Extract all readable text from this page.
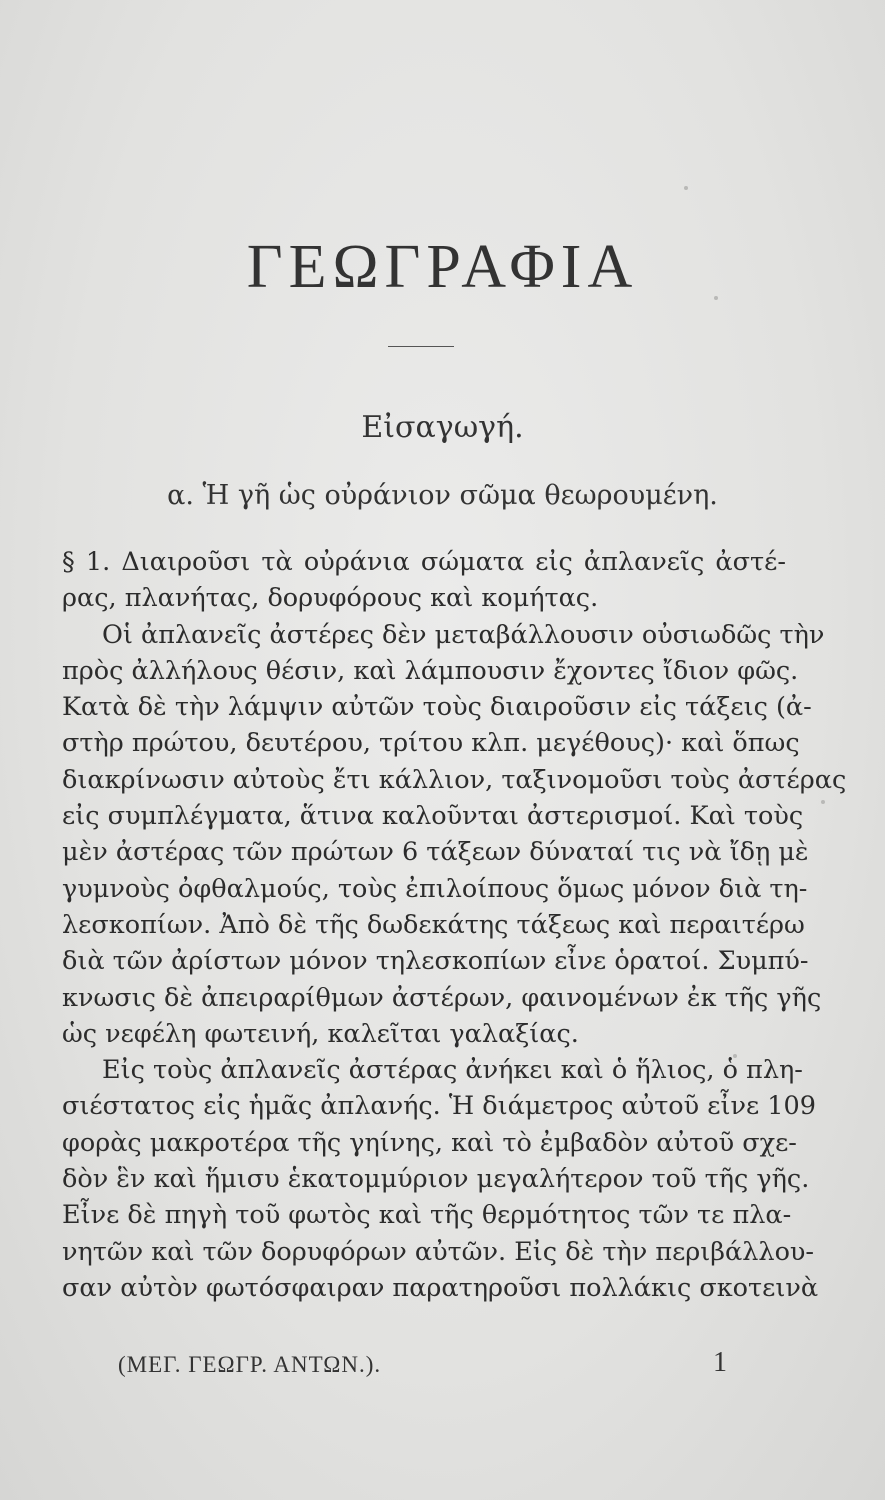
ΓΕΩΓΡΑΦΙΑ
Εἰσαγωγή.
α. Ἡ γῆ ὡς οὐράνιον σῶμα θεωρουμένη.
§ 1. Διαιροῦσι τὰ οὐράνια σώματα εἰς ἀπλανεῖς ἀστέ-
ρας, πλανήτας, δορυφόρους καὶ κομήτας.
Οἱ ἀπλανεῖς ἀστέρες δὲν μεταβάλλουσιν οὐσιωδῶς τὴν
πρὸς ἀλλήλους θέσιν, καὶ λάμπουσιν ἔχοντες ἴδιον φῶς.
Κατὰ δὲ τὴν λάμψιν αὐτῶν τοὺς διαιροῦσιν εἰς τάξεις (ἀ-
στὴρ πρώτου, δευτέρου, τρίτου κλπ. μεγέθους)· καὶ ὅπως
διακρίνωσιν αὐτοὺς ἔτι κάλλιον, ταξινομοῦσι τοὺς ἀστέρας
εἰς συμπλέγματα, ἅτινα καλοῦνται ἀστερισμοί. Καὶ τοὺς
μὲν ἀστέρας τῶν πρώτων 6 τάξεων δύναταί τις νὰ ἴδῃ μὲ
γυμνοὺς ὀφθαλμούς, τοὺς ἐπιλοίπους ὅμως μόνον διὰ τη-
λεσκοπίων. Ἀπὸ δὲ τῆς δωδεκάτης τάξεως καὶ περαιτέρω
διὰ τῶν ἀρίστων μόνον τηλεσκοπίων εἶνε ὁρατοί. Συμπύ-
κνωσις δὲ ἀπειραρίθμων ἀστέρων, φαινομένων ἐκ τῆς γῆς
ὡς νεφέλη φωτεινή, καλεῖται γαλαξίας.
Εἰς τοὺς ἀπλανεῖς ἀστέρας ἀνήκει καὶ ὁ ἥλιος, ὁ πλη-
σιέστατος εἰς ἡμᾶς ἀπλανής. Ἡ διάμετρος αὐτοῦ εἶνε 109
φορὰς μακροτέρα τῆς γηίνης, καὶ τὸ ἐμβαδὸν αὐτοῦ σχε-
δὸν ἓν καὶ ἥμισυ ἑκατομμύριον μεγαλήτερον τοῦ τῆς γῆς.
Εἶνε δὲ πηγὴ τοῦ φωτὸς καὶ τῆς θερμότητος τῶν τε πλα-
νητῶν καὶ τῶν δορυφόρων αὐτῶν. Εἰς δὲ τὴν περιβάλλου-
σαν αὐτὸν φωτόσφαιραν παρατηροῦσι πολλάκις σκοτεινὰ
(ΜΕΓ. ΓΕΩΓΡ. ΑΝΤΩΝ.).	1
